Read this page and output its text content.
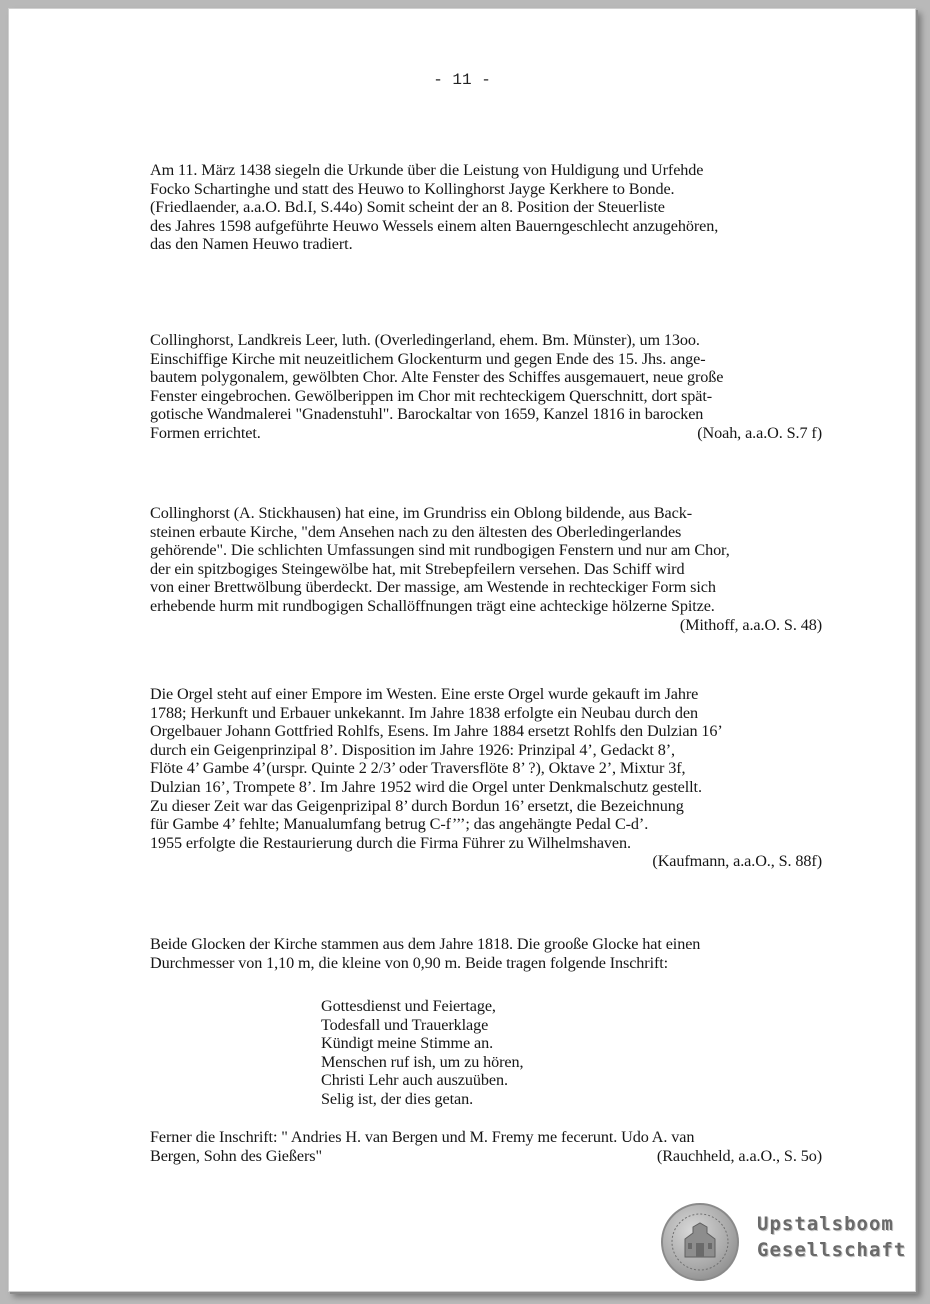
- 11 -
Am 11. März 1438 siegeln die Urkunde über die Leistung von Huldigung und Urfehde
Focko Schartinghe und statt des Heuwo to Kollinghorst Jayge Kerkhere to Bonde.
(Friedlaender, a.a.O. Bd.I, S.44o) Somit scheint der an 8. Position der Steuerliste
des Jahres 1598 aufgeführte Heuwo Wessels einem alten Bauerngeschlecht anzugehören,
das den Namen Heuwo tradiert.
Collinghorst, Landkreis Leer, luth. (Overledingerland, ehem. Bm. Münster), um 13oo.
Einschiffige Kirche mit neuzeitlichem Glockenturm und gegen Ende des 15. Jhs. ange-
bautem polygonalem, gewölbten Chor. Alte Fenster des Schiffes ausgemauert, neue große
Fenster eingebrochen. Gewölberippen im Chor mit rechteckigem Querschnitt, dort spät-
gotische Wandmalerei "Gnadenstuhl". Barockaltar von 1659, Kanzel 1816 in barocken
Formen errichtet.	(Noah, a.a.O. S.7 f)
Collinghorst (A. Stickhausen) hat eine, im Grundriss ein Oblong bildende, aus Back-
steinen erbaute Kirche, "dem Ansehen nach zu den ältesten des Oberledingerlandes
gehörende". Die schlichten Umfassungen sind mit rundbogigen Fenstern und nur am Chor,
der ein spitzbogiges Steingewölbe hat, mit Strebepfeilern versehen. Das Schiff wird
von einer Brettwölbung überdeckt. Der massige, am Westende in rechteckiger Form sich
erhebende hurm mit rundbogigen Schallöffnungen trägt eine achteckige hölzerne Spitze.
(Mithoff, a.a.O. S. 48)
Die Orgel steht auf einer Empore im Westen. Eine erste Orgel wurde gekauft im Jahre
1788; Herkunft und Erbauer unkekannt. Im Jahre 1838 erfolgte ein Neubau durch den
Orgelbauer Johann Gottfried Rohlfs, Esens. Im Jahre 1884 ersetzt Rohlfs den Dulzian 16’
durch ein Geigenprinzipal 8’. Disposition im Jahre 1926: Prinzipal 4’, Gedackt 8’,
Flöte 4’ Gambe 4’(urspr. Quinte 2 2/3’ oder Traversflöte 8’ ?), Oktave 2’, Mixtur 3f,
Dulzian 16’, Trompete 8’. Im Jahre 1952 wird die Orgel unter Denkmalschutz gestellt.
Zu dieser Zeit war das Geigenprizipal 8’ durch Bordun 16’ ersetzt, die Bezeichnung
für Gambe 4’ fehlte; Manualumfang betrug C-f’’’; das angehängte Pedal C-d’.
1955 erfolgte die Restaurierung durch die Firma Führer zu Wilhelmshaven.
(Kaufmann, a.a.O., S. 88f)
Beide Glocken der Kirche stammen aus dem Jahre 1818. Die grooße Glocke hat einen
Durchmesser von 1,10 m, die kleine von 0,90 m. Beide tragen folgende Inschrift:
Gottesdienst und Feiertage,
Todesfall und Trauerklage
Kündigt meine Stimme an.
Menschen ruf ish, um zu hören,
Christi Lehr auch auszuüben.
Selig ist, der dies getan.
Ferner die Inschrift: " Andries H. van Bergen und M. Fremy me fecerunt. Udo A. van
Bergen, Sohn des Gießers"	(Rauchheld, a.a.O., S. 5o)
Upstalsboom
Gesellschaft
